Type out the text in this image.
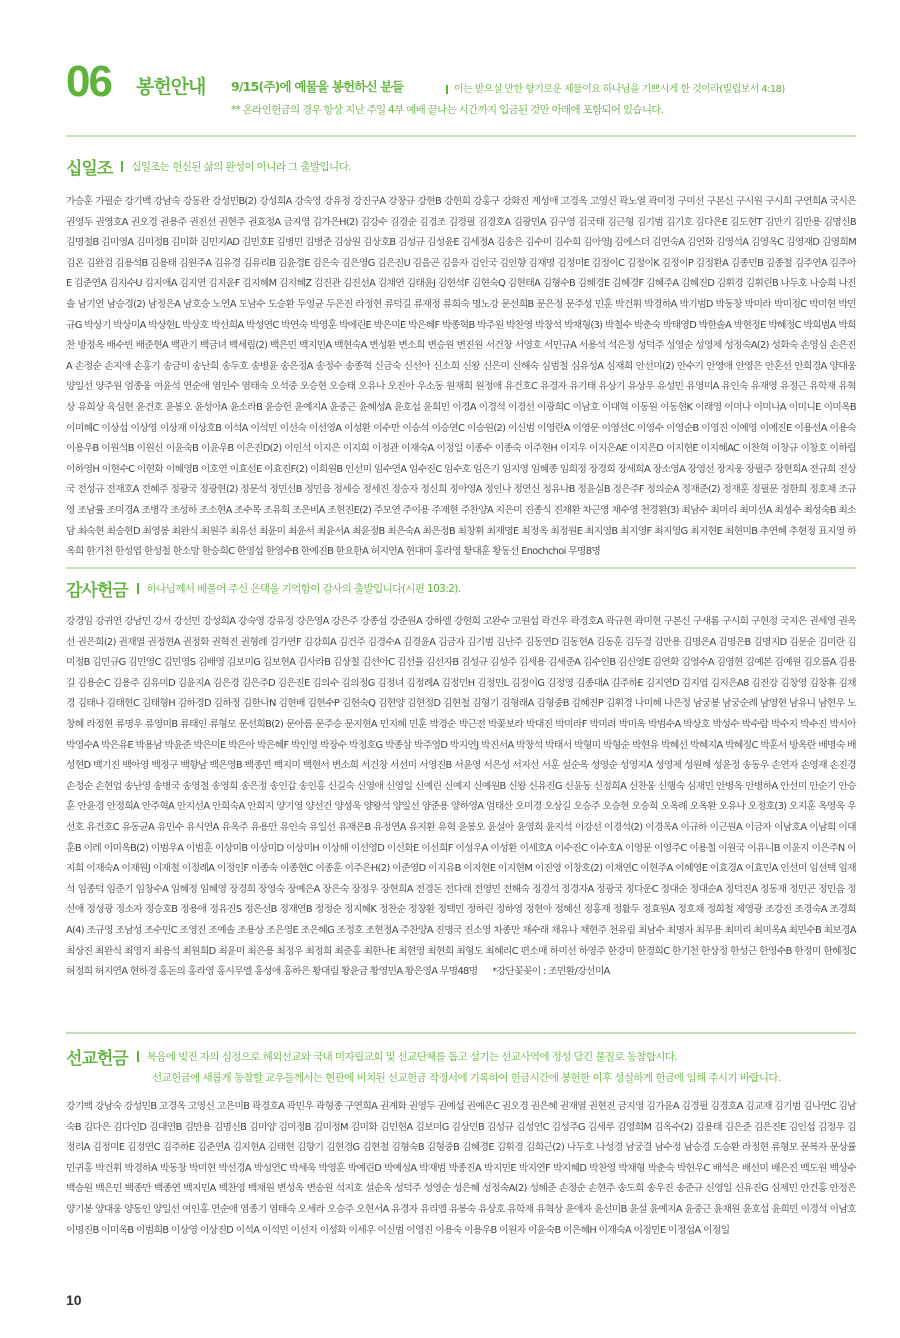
06 봉헌안내 9/15(주)에 예물을 봉헌하신 분들	이는 받으실 만한 향기로운 제물이요 하나님을 기쁘시게 한 것이라(빌립보서 4:18)
** 온라인헌금의 경우 항상 지난 주일 4부 예배 끝나는 시간까지 입금된 것만 아래에 포함되어 있습니다.
십일조 십일조는 헌신된 삶의 완성이 아니라 그 출발입니다.
가승훈 가필순 강기백 강남숙 강동완 강성민B(2) 강성희A 강숙영 강유정 강진구A 강창규 강현B 강현희 강홍구 강화진 계성애 고경옥 고영신 곽노열 곽미정 구미선 구본신 구시원 구시희 구연희A 국시은 권영두 권영호A 권오경 권용주 권진선 권현주 권효정A 금지영 김가은H(2) 김강수 김경순 김경조 김경필 김경호A 김광민A 김구영 김국태 김근형 김기범 김기호 김다은E 김도현T 김만기 김만용 김명신B 김명철B 김미영A 김미정B 김미화 김민지AD 김민호E 김병민 김병준 김상원 김상호B 김성규 김성윤E 김세정A 김송은 김수미 김수희 김아영J 김에스더 김연숙A 김연화 김영석A 김영옥C 김영재D 김영희M 김온 김완검 김용석B 김용태 김원주A 김유경 김유리B 김윤경E 김은숙 김은영G 김은진U 김을곤 김응자 김인국 김인향 김재명 김정미E 김정이C 김정이K 김정이P 김정환A 김종민B 김종철 김주연A 김주아E 김준연A 김지수U 김지애A 김지연 김지윤F 김지혜M 김지혜Z 김진관 김진선A 김채연 김태윤J 김현석F 김현숙Q 김현태A 김형수B 김혜경E 김혜경F 김혜주A 김혜진D 김휘경 김휘린B 나두호 나승희 나진솔 남기연 남승경(2) 남정은A 남호승 노연A 도남수 도승환 두영균 두은진 라정현 류덕길 류재정 류희숙 명노강 문선희B 문은정 문주성 민훈 박건휘 박경하A 박기범D 박동창 박미라 박미정C 박미현 박민규G 박상기 박상미A 박상현L 박상호 박선희A 박성연C 박연숙 박영훈 박에린E 박은미E 박은혜F 박종혁B 박주원 박찬영 박창석 박채형(3) 박철수 박춘숙 박태영D 박한솔A 박현정E 박혜정C 박희범A 박희찬 방정옥 배수빈 배준현A 백관기 백금녀 백세림(2) 백은민 백지민A 백현숙A 변성환 변소희 변승원 변진원 서건창 서영호 서민규A 서용석 석은정 성덕주 성영순 성영제 성정숙A(2) 성화숙 손영심 손은진A 손정순 손지애 손홍기 송금미 송난희 송두호 송병윤 송은정A 송정수 송종혁 신금숙 신선아 신소희 신왕 신은미 신해숙 심범철 심유성A 심재희 안선미(2) 안수기 안영애 안영은 안혼선 안희경A 양대웅 양일선 양주원 엄종웅 여윤석 연순애 염인수 염태숙 오석중 오승현 오승태 오유나 오진아 우소동 원재희 원정애 유건호C 유경자 유기태 유상기 유상우 유성민 유영미A 유인숙 유재영 유정근 유학재 유혁상 유희상 육심현 윤건호 윤봉오 윤성아A 윤소라B 윤승헌 윤예지A 윤중근 윤혜성A 윤호섭 윤희민 이경A 이경석 이경선 이광희C 이남호 이대혁 이동원 이동현K 이래영 이미나 이미나A 이미니E 이미옥B 이미혜C 이상섭 이상영 이상재 이상호B 이석A 이석민 이선숙 이선영A 이성환 이수만 이승석 이승연C 이승원(2) 이신범 이영란A 이영문 이영선C 이영수 이영순B 이영진 이예영 이예진E 이용선A 이용숙 이용우B 이원석B 이원신 이윤숙B 이윤우B 이은진D(2) 이인석 이지은 이지희 이정관 이재숙A 이정일 이종수 이종숙 이주현H 이지우 이지은AE 이지은D 이지현E 이지혜AC 이찬혁 이창규 이창호 이하림 이하영H 이현수C 이현화 이혜영B 이호연 이효선E 이효진F(2) 이희원B 인선미 임수연A 임수진C 임수호 임은기 임지영 임혜종 임희정 장경희 장세희A 장소영A 장영선 장지웅 장필주 장현희A 전규희 전상국 전성규 전재호A 전혜주 정광국 정광현(2) 정문석 정민선B 정민음 정세승 정세진 정승자 정신희 정아영A 정인나 정연신 정유나B 정윤실B 정은주F 정의순A 정재준(2) 정재훈 정필문 정한희 정호채 조규영 조남률 조미경A 조병각 조성하 조소현A 조수목 조유희 조은비A 조현진E(2) 주모연 주이용 주재현 주찬양A 지은미 진종식 진채환 차근영 채수영 천경환(3) 최남수 최미리 최미선A 최성수 최성숙B 최소담 최숙현 최승현D 최영봉 최완식 최원주 최유선 최윤미 최윤서 최윤서A 최윤정B 최은숙A 최은정B 최창휘 최재명E 최정옥 최정원E 최지영B 최지영F 최지영G 최지현E 최현미B 추연혜 추현정 표지영 하옥희 한기천 한성엽 한성철 한소망 한승희C 한영섭 한영수B 한예진B 한요한A 허지연A 현대미 홍라영 황대훈 황동선 Enochchoi 무명8명
감사헌금 하나님께서 베풀어 주신 은택을 기억함이 감사의 출발입니다(시편 103:2).
강경임 강귀연 강남민 강서 강선민 강성희A 강숙영 강유정 강은영A 강은주 강종섭 강준원A 강하엘 강현희 고완수 고원섭 곽건우 곽경호A 곽규현 곽미현 구본신 구새롬 구시희 구현정 국지은 권세영 권옥선 권은희(2) 권재열 권정현A 권정화 권혁진 권형례 김가연F 김강희A 김건주 김경수A 김경윤A 김금자 김기범 김난주 김동연D 김동현A 김동훈 김두경 김만용 김명은A 김명은B 김명지D 김문순 김미란 김미정B 김민규G 김민영C 김민영S 김배영 김보미G 김보현A 김사라B 김상철 김선아C 김선율 김선자B 김성규 김성주 김세용 김세준A 김수인B 김신영E 김연화 김영수A 김영현 김예본 김예원 김오름A 김용길 김용순C 김용주 김유미D 김윤지A 김은경 김은주D 김은진E 김의수 김의정G 김정녀 김정례A 김정민H 김정민L 김정이G 김정영 김종대A 김주하E 김지연D 김지엽 김지은A8 김진강 김창영 김창휴 김채경 김태나 김태현C 김태형H 김하경D 김하정 김한나N 김현배 김현수P 김현숙Q 김현양 김현정D 김현철 김형기 김형래A 김형중B 김혜진P 김휘경 나미혜 나은정 남궁봉 남궁순례 남영현 남유니 남현우 노창혜 라정현 류명우 류영미B 류태인 류형모 문선희B(2) 문아름 문주승 문지현A 민지혜 민훈 박경순 박근전 박꽃보라 박대진 박미라F 박미려 박미옥 박범수A 박상호 박성수 박수람 박수지 박수진 박시아 박영수A 박은유E 박용남 박윤준 박은미E 박은아 박은혜F 박인영 박장수 박정호G 박종삼 박주영D 박지연J 박진서A 박창석 박태서 박형미 박형순 박현유 박혜선 박혜지A 박혜정C 박훈서 방옥란 배명숙 배성현D 백기진 백아영 백정구 백향남 백은영B 백종민 백지미 백현서 변소희 서건창 서선미 서영진B 서윤영 서은성 서지선 서훈 설순옥 성영순 성영지A 성영제 성원혜 성윤정 송동우 손연자 손영재 손진경 손정순 손현업 송난영 송병국 송영철 송영희 송은정 송인갑 송인홍 신길숙 신영애 신영일 신예린 신예지 신예원B 신왕 신유진G 신윤동 신정희A 신찬웅 신행숙 심재민 안병옥 안병하A 안선미 안순기 안승훈 안윤경 안정희A 안주혁A 안지선A 안희숙A 안희지 양기영 양선건 양성욱 양왕석 양일선 양준용 양하영A 엄태산 오미경 오상길 오승주 오승현 오승희 오옥례 오옥환 오유나 오정호(3) 오지훈 옥영욱 우선호 유건호C 유동균A 유민수 유시연A 유옥주 유용만 유인숙 유일선 유재은B 유정연A 유지환 유혁 윤봉오 윤설아 윤영희 윤지석 이강선 이경석(2) 이경옥A 이규하 이근원A 이금자 이남호A 이남희 이대훈B 이레 이미옥B(2) 이범우A 이범훈 이상미B 이상미D 이상미H 이상해 이선영D 이선화E 이선희F 이성우A 이성환 이세호A 이수진C 이수호A 이영문 이영주C 이용철 이원국 이유니B 이윤지 이은주N 이지희 이재숙A 이재원J 이재철 이정례A 이정인F 이종숙 이종현C 이종훈 이주은H(2) 이준영D 이지유B 이지현E 이지현M 이진영 이창호(2) 이채연C 이현주A 이혜영E 이효경A 이효민A 인선미 임선택 임재석 임종덕 임준기 임창수A 임혜정 임혜영 장경희 장영숙 장예은A 장은숙 장정우 장현희A 전경돈 전다래 전영민 전해숙 정경석 정경자A 정광국 정다운C 정대순 정대순A 정덕진A 정동재 정민곤 정민음 정선애 정성광 정소자 정승호B 정용애 정유진S 정은선B 정재연B 정정순 정지혜K 정찬순 정창환 정택민 정하린 정하영 정현아 정혜선 정홍재 정활두 정효원A 정호채 정희철 제영광 조강진 조경숙A 조경희A(4) 조규영 조남성 조수민C 조영진 조예솔 조용상 조은영E 조은혜G 조정호 조현정A 주찬양A 진명국 진소영 차종만 채수래 채유나 채현주 천유림 최남수 최명자 최무용 최미리 최미옥A 최민수B 최보경A 최상진 최완식 최영지 최용석 최원희D 최윤미 최은용 최정우 최정희 최준홍 최한나E 최현영 최현희 최형도 최혜리C 편소매 하미선 하영주 한강미 한경희C 한기천 한상정 한성근 한영수B 한정미 한혜정C 허정희 허지연A 현하경 홍돈의 홍라영 홍시무엘 홍성애 홍하은 황대림 황윤금 황영민A 황은영A 무명48명 *강단꽃꽂이 : 조민환/강선미A
선교헌금 복음에 빚진 자의 심정으로 해외선교와 국내 미자립교회 및 선교단체를 돕고 섬기는 선교사역에 정성 담긴 물질로 동참합시다.
선교헌금에 새롭게 동참할 교우들께서는 현관에 비치된 선교헌금 작정서에 기록하여 헌금시간에 봉헌한 이후 성실하게 헌금에 임해 주시기 바랍니다.
강기백 강남숙 강성민B 고경옥 고영신 고은미B 곽경호A 곽민우 곽형종 구연희A 권계화 권영두 권예섭 권예은C 권오경 권은혜 권재열 권현진 금지영 김가윤A 김경필 김경호A 김교재 김기범 김나연C 김남숙B 김다은 김다인D 김대연B 김만용 김명신B 김미양 김미정B 김미정M 김미화 김민현A 김보미G 김상민B 김성규 김성연C 김성주G 김세루 김영희M 김옥수(2) 김용태 김은준 김은진E 김인섭 김정우 김정리A 김정미E 김정연C 김주하E 김준연A 김지현A 김태현 김향기 김현경G 김현철 김형숙B 김형중B 김혜경E 김휘경 김희근(2) 나두호 나성경 남궁결 남수정 남승경 도승환 라정현 류형모 문복자 문상률 민귀홍 박건휘 박경하A 박동창 박미현 박선경A 박성연C 박세욱 박영훈 박예린D 박예성A 박재범 박종진A 박지민E 박지연F 박지혜D 박찬영 박채형 박춘숙 박현우C 배석은 배선미 배은진 백도원 백상수 백승원 백은민 백종만 백종연 백지민A 백찬영 백채원 변성옥 변승원 석지호 설순옥 성덕주 성영순 성은혜 성정숙A(2) 성혜준 손정순 손현주 송도희 송우진 송준규 신영일 신유진G 심제민 안건홍 안정은 양기봉 양대웅 양동인 양일선 여인홍 연순애 염종기 염태숙 오세라 오승주 오현서A 유경자 유리엘 유봉숙 유상호 유학재 유혁상 윤애자 윤선미B 윤설 윤예지A 윤중근 윤채원 윤호섭 윤희민 이경석 이남호 이명진B 이미옥B 이범희B 이상영 이상진D 이석A 이석민 이선저 이성화 이세우 이신범 이영진 이용숙 이용우B 이원자 이윤숙B 이은혜H 이재숙A 이정민E 이정섭A 이정일
10
